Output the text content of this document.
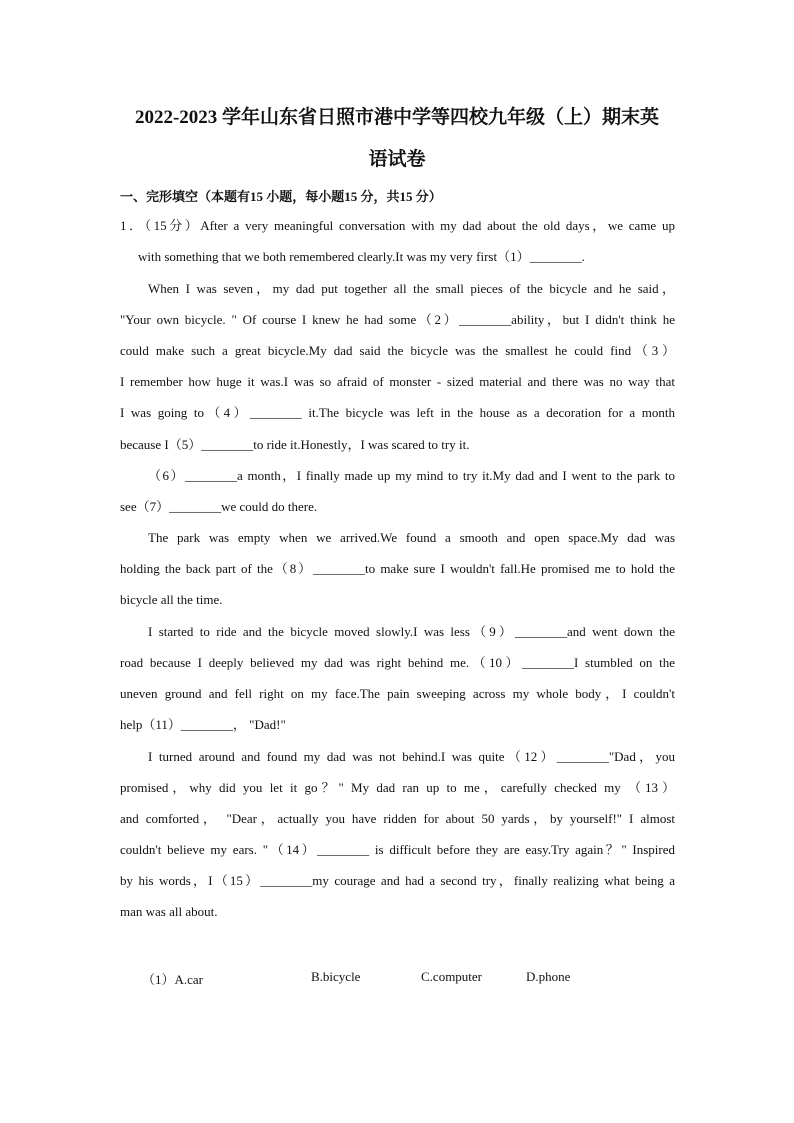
2022-2023 学年山东省日照市港中学等四校九年级（上）期末英
语试卷
一、完形填空（本题有15 小题，每小题15 分，共15 分）
1．（15分）After a very meaningful conversation with my dad about the old days，we came up
with something that we both remembered clearly.It was my very first（1）________.
When I was seven，my dad put together all the small pieces of the bicycle and he said，
"Your own bicycle. " Of course I knew he had some（2）________ability，but I didn't think he
could make such a great bicycle.My dad said the bicycle was the smallest he could find（3）
I remember how huge it was.I was so afraid of monster - sized material and there was no way that
I was going to（4）________ it.The bicycle was left in the house as a decoration for a month
because I（5）________to ride it.Honestly，I was scared to try it.
（6）________a month，I finally made up my mind to try it.My dad and I went to the park to
see（7）________we could do there.
The park was empty when we arrived.We found a smooth and open space.My dad was
holding the back part of the（8）________to make sure I wouldn't fall.He promised me to hold the
bicycle all the time.
I started to ride and the bicycle moved slowly.I was less（9）________and went down the
road because I deeply believed my dad was right behind me.（10）________I stumbled on the
uneven ground and fell right on my face.The pain sweeping across my whole body，I couldn't
help（11）________， "Dad!"
I turned around and found my dad was not behind.I was quite（12）________"Dad，you
promised，why did you let it go？" My dad ran up to me，carefully checked my （13）
and comforted， "Dear，actually you have ridden for about 50 yards，by yourself!" I almost
couldn't believe my ears. "（14）________ is difficult before they are easy.Try again？" Inspired
by his words，I（15）________my courage and had a second try，finally realizing what being a
man was all about.
（1）A.car	B.bicycle	C.computer	D.phone
